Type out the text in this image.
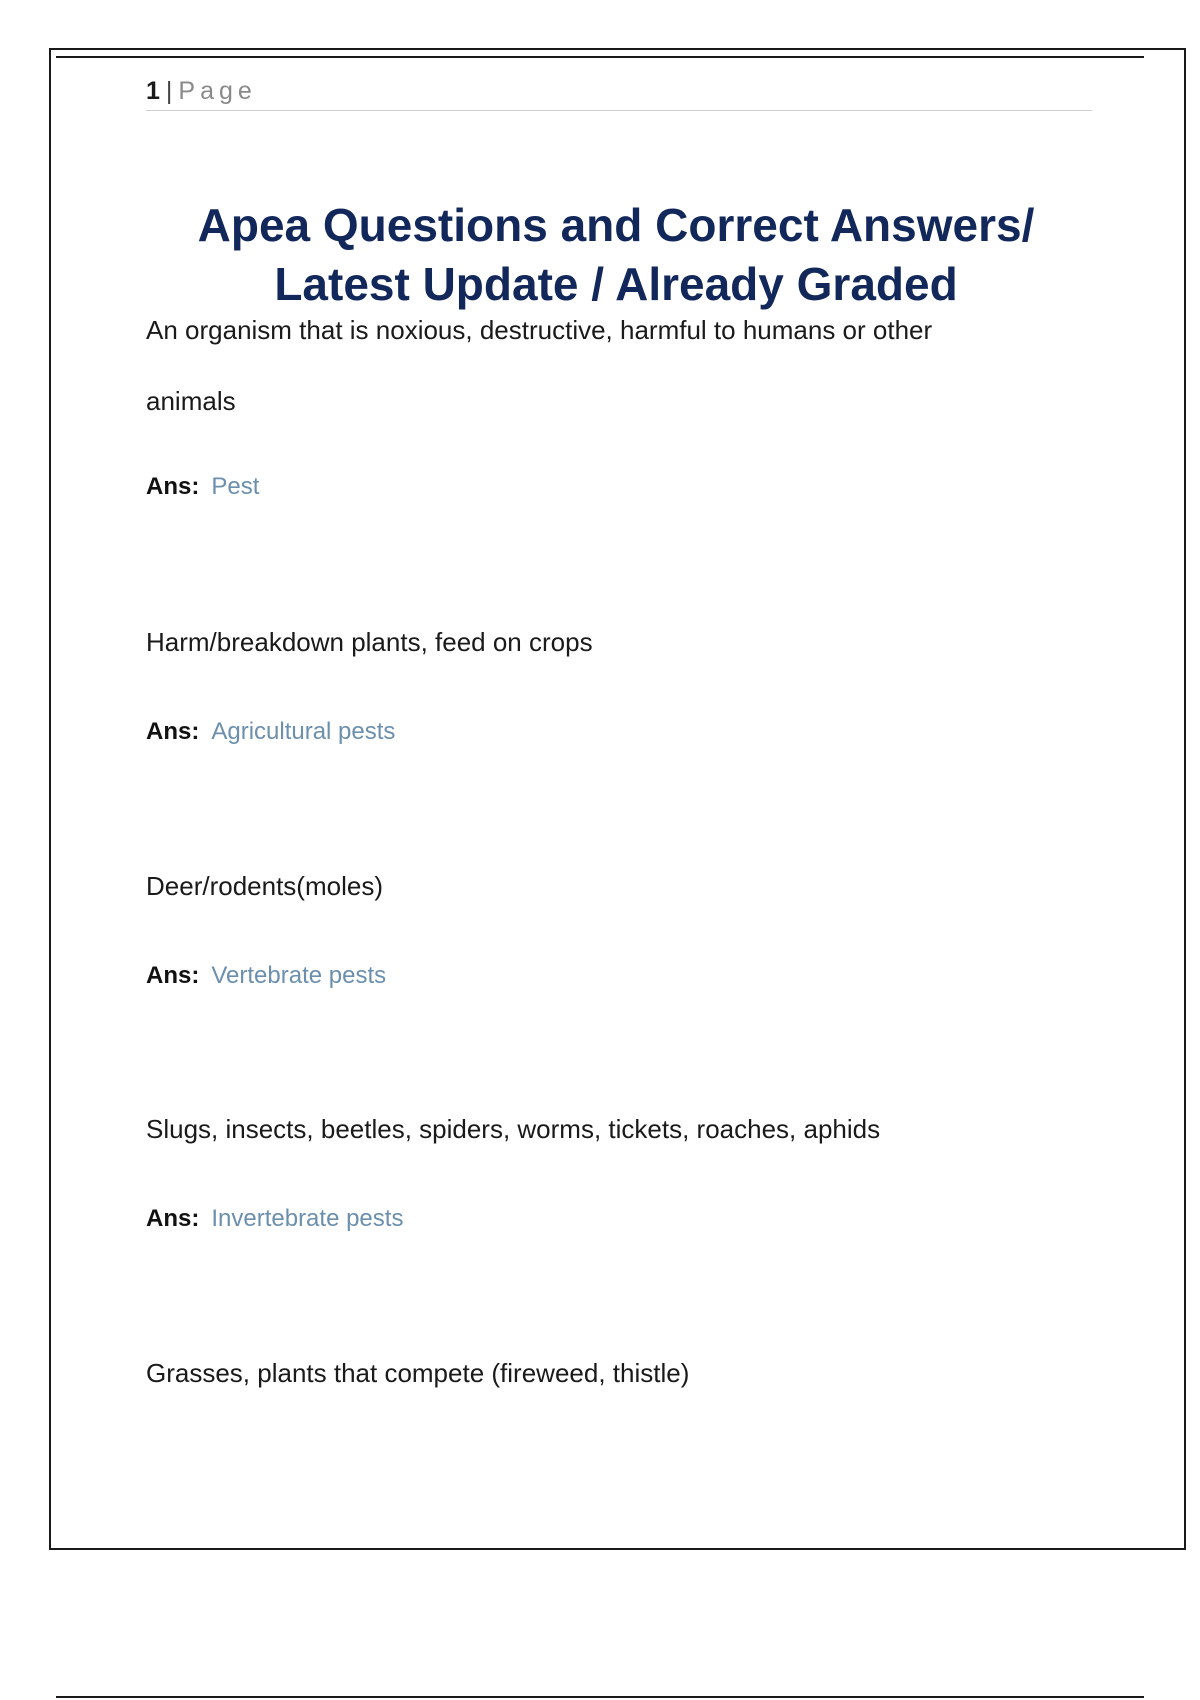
1 | Page
Apea Questions and Correct Answers/
Latest Update / Already Graded

An organism that is noxious, destructive, harmful to humans or other
animals

Ans: Pest

Harm/breakdown plants, feed on crops

Ans: Agricultural pests

Deer/rodents(moles)

Ans: Vertebrate pests

Slugs, insects, beetles, spiders, worms, tickets, roaches, aphids

Ans: Invertebrate pests

Grasses, plants that compete (fireweed, thistle)
